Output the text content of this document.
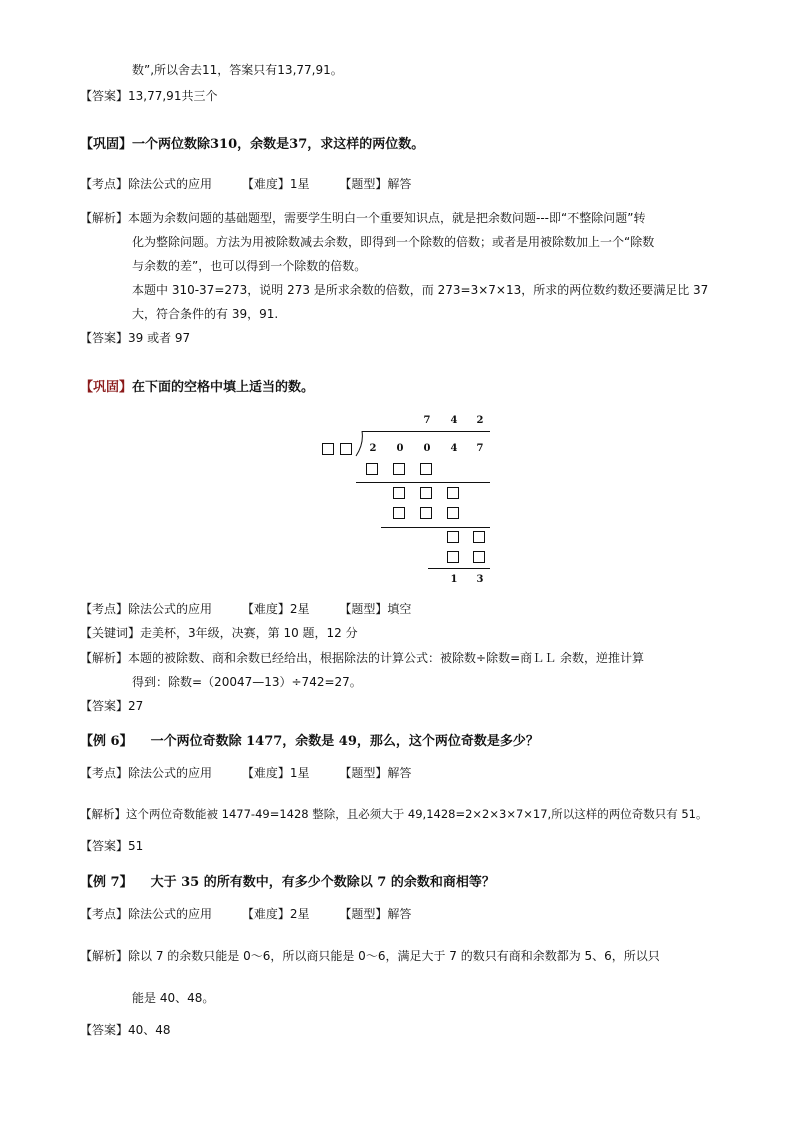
数”,所以舍去11，答案只有13,77,91。
【答案】13,77,91共三个
【巩固】一个两位数除310，余数是37，求这样的两位数。
【考点】除法公式的应用 【难度】1星 【题型】解答
【解析】本题为余数问题的基础题型，需要学生明白一个重要知识点，就是把余数问题---即“不整除问题”转
化为整除问题。方法为用被除数减去余数，即得到一个除数的倍数；或者是用被除数加上一个“除数
与余数的差”，也可以得到一个除数的倍数。
本题中 310-37=273，说明 273 是所求余数的倍数，而 273=3×7×13，所求的两位数约数还要满足比 37
大，符合条件的有 39，91.
【答案】39 或者 97
【巩固】在下面的空格中填上适当的数。
7 4 2
2 0 0 4 7
1 3
【考点】除法公式的应用 【难度】2星 【题型】填空
【关键词】走美杯，3年级，决赛，第 10 题，12 分
【解析】本题的被除数、商和余数已经给出，根据除法的计算公式：被除数÷除数=商ＬＬ 余数，逆推计算
得到：除数=（20047—13）÷742=27。
【答案】27
【例 6】 一个两位奇数除 1477，余数是 49，那么，这个两位奇数是多少？
【考点】除法公式的应用 【难度】1星 【题型】解答
【解析】这个两位奇数能被 1477-49=1428 整除，且必须大于 49,1428=2×2×3×7×17,所以这样的两位奇数只有 51。
【答案】51
【例 7】 大于 35 的所有数中，有多少个数除以 7 的余数和商相等？
【考点】除法公式的应用 【难度】2星 【题型】解答
【解析】除以 7 的余数只能是 0～6，所以商只能是 0～6，满足大于 7 的数只有商和余数都为 5、6，所以只
能是 40、48。
【答案】40、48
